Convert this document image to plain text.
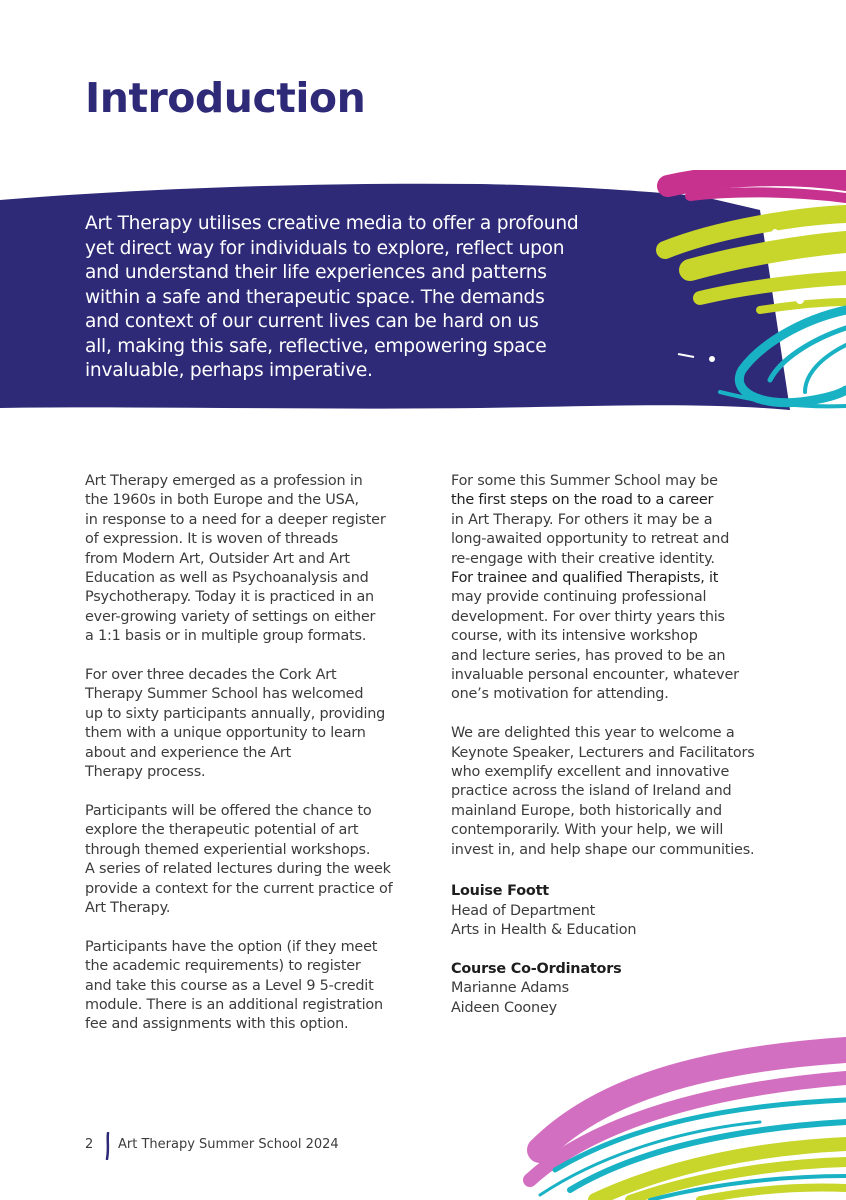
Introduction
Art Therapy utilises creative media to offer a profound
yet direct way for individuals to explore, reflect upon
and understand their life experiences and patterns
within a safe and therapeutic space. The demands
and context of our current lives can be hard on us
all, making this safe, reflective, empowering space
invaluable, perhaps imperative.
Art Therapy emerged as a profession in
the 1960s in both Europe and the USA,
in response to a need for a deeper register
of expression. It is woven of threads
from Modern Art, Outsider Art and Art
Education as well as Psychoanalysis and
Psychotherapy. Today it is practiced in an
ever-growing variety of settings on either
a 1:1 basis or in multiple group formats.
For over three decades the Cork Art
Therapy Summer School has welcomed
up to sixty participants annually, providing
them with a unique opportunity to learn
about and experience the Art
Therapy process.
Participants will be offered the chance to
explore the therapeutic potential of art
through themed experiential workshops.
A series of related lectures during the week
provide a context for the current practice of
Art Therapy.
Participants have the option (if they meet
the academic requirements) to register
and take this course as a Level 9 5-credit
module. There is an additional registration
fee and assignments with this option.
For some this Summer School may be
the first steps on the road to a career
in Art Therapy. For others it may be a
long-awaited opportunity to retreat and
re-engage with their creative identity.
For trainee and qualified Therapists, it
may provide continuing professional
development. For over thirty years this
course, with its intensive workshop
and lecture series, has proved to be an
invaluable personal encounter, whatever
one’s motivation for attending.
We are delighted this year to welcome a
Keynote Speaker, Lecturers and Facilitators
who exemplify excellent and innovative
practice across the island of Ireland and
mainland Europe, both historically and
contemporarily. With your help, we will
invest in, and help shape our communities.
Louise Foott
Head of Department
Arts in Health & Education
Course Co-Ordinators
Marianne Adams
Aideen Cooney
2 Art Therapy Summer School 2024
